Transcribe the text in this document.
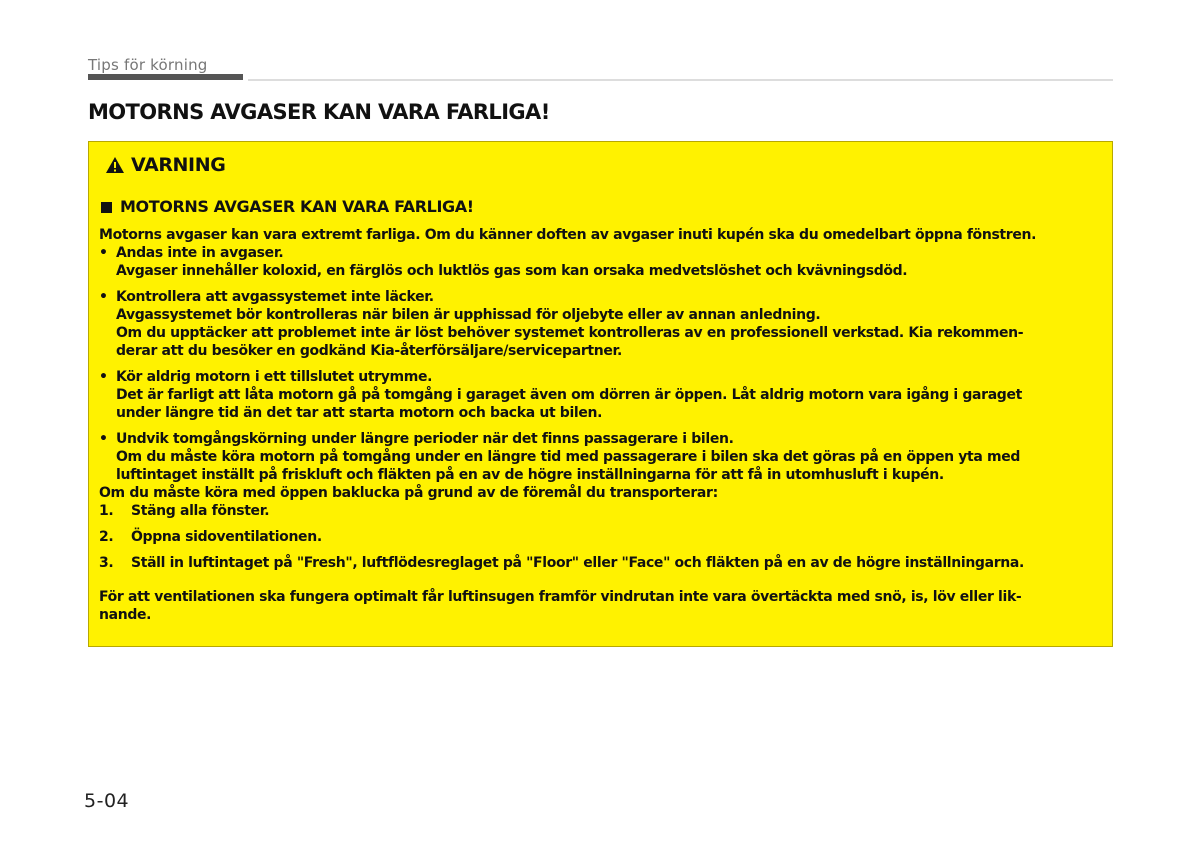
Tips för körning
MOTORNS AVGASER KAN VARA FARLIGA!
VARNING
MOTORNS AVGASER KAN VARA FARLIGA!

Motorns avgaser kan vara extremt farliga. Om du känner doften av avgaser inuti kupén ska du omedelbart öppna fönstren.

• Andas inte in avgaser.
Avgaser innehåller koloxid, en färglös och luktlös gas som kan orsaka medvetslöshet och kvävningsdöd.
• Kontrollera att avgassystemet inte läcker.
Avgassystemet bör kontrolleras när bilen är upphissad för oljebyte eller av annan anledning.
Om du upptäcker att problemet inte är löst behöver systemet kontrolleras av en professionell verkstad. Kia rekommen-
derar att du besöker en godkänd Kia-återförsäljare/servicepartner.
• Kör aldrig motorn i ett tillslutet utrymme.
Det är farligt att låta motorn gå på tomgång i garaget även om dörren är öppen. Låt aldrig motorn vara igång i garaget
under längre tid än det tar att starta motorn och backa ut bilen.
• Undvik tomgångskörning under längre perioder när det finns passagerare i bilen.
Om du måste köra motorn på tomgång under en längre tid med passagerare i bilen ska det göras på en öppen yta med
luftintaget inställt på friskluft och fläkten på en av de högre inställningarna för att få in utomhusluft i kupén.

Om du måste köra med öppen baklucka på grund av de föremål du transporterar:

1. Stäng alla fönster.
2. Öppna sidoventilationen.
3. Ställ in luftintaget på "Fresh", luftflödesreglaget på "Floor" eller "Face" och fläkten på en av de högre inställningarna.
För att ventilationen ska fungera optimalt får luftinsugen framför vindrutan inte vara övertäckta med snö, is, löv eller lik-
nande.
5-04
